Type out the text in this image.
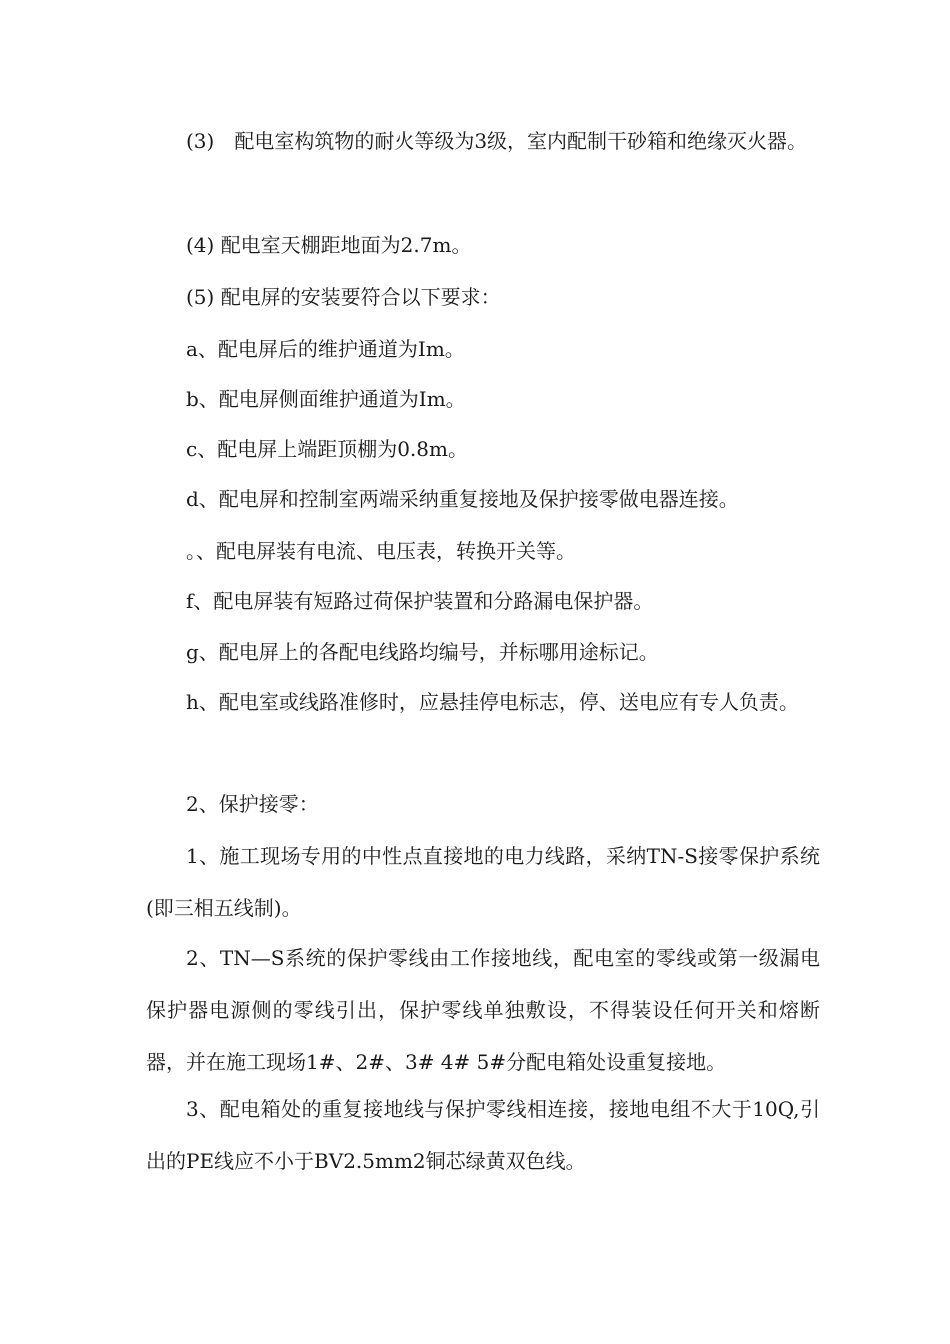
(3)　配电室构筑物的耐火等级为3级，室内配制干砂箱和绝缘灭火器。

(4) 配电室天棚距地面为2.7m。

(5) 配电屏的安装要符合以下要求：

a、配电屏后的维护通道为Im。

b、配电屏侧面维护通道为Im。

c、配电屏上端距顶棚为0.8m。

d、配电屏和控制室两端采纳重复接地及保护接零做电器连接。

。、配电屏装有电流、电压表，转换开关等。

f、配电屏装有短路过荷保护装置和分路漏电保护器。

g、配电屏上的各配电线路均编号，并标哪用途标记。

h、配电室或线路准修时，应悬挂停电标志，停、送电应有专人负责。

2、保护接零：

1、施工现场专用的中性点直接地的电力线路，采纳TN-S接零保护系统(即三相五线制)。

2、TN—S系统的保护零线由工作接地线，配电室的零线或第一级漏电保护器电源侧的零线引出，保护零线单独敷设，不得装设任何开关和熔断器，并在施工现场1#、2#、3# 4# 5#分配电箱处设重复接地。

3、配电箱处的重复接地线与保护零线相连接，接地电组不大于10Q,引出的PE线应不小于BV2.5mm2铜芯绿黄双色线。
